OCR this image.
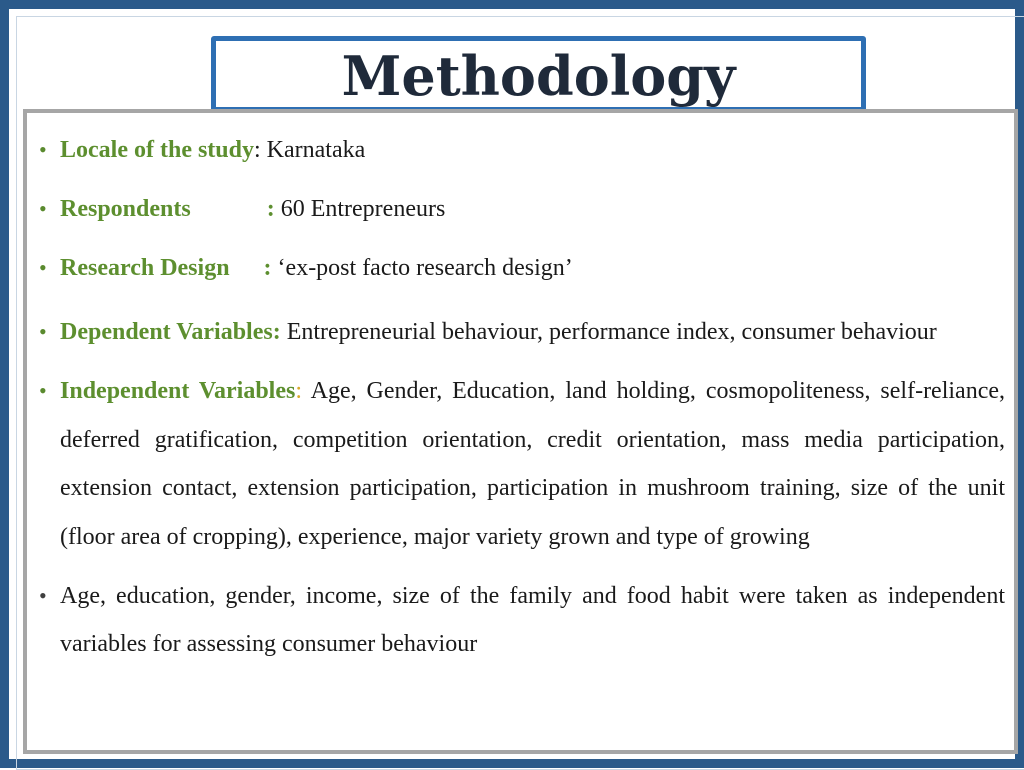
Methodology
• Locale of the study: Karnataka
• Respondents	: 60 Entrepreneurs
• Research Design : ‘ex-post facto research design’
• Dependent Variables: Entrepreneurial behaviour, performance index, consumer behaviour
• Independent Variables: Age, Gender, Education, land holding, cosmopoliteness, self-reliance, deferred gratification, competition orientation, credit orientation, mass media participation, extension contact, extension participation, participation in mushroom training, size of the unit (floor area of cropping), experience, major variety grown and type of growing
• Age, education, gender, income, size of the family and food habit were taken as independent variables for assessing consumer behaviour
